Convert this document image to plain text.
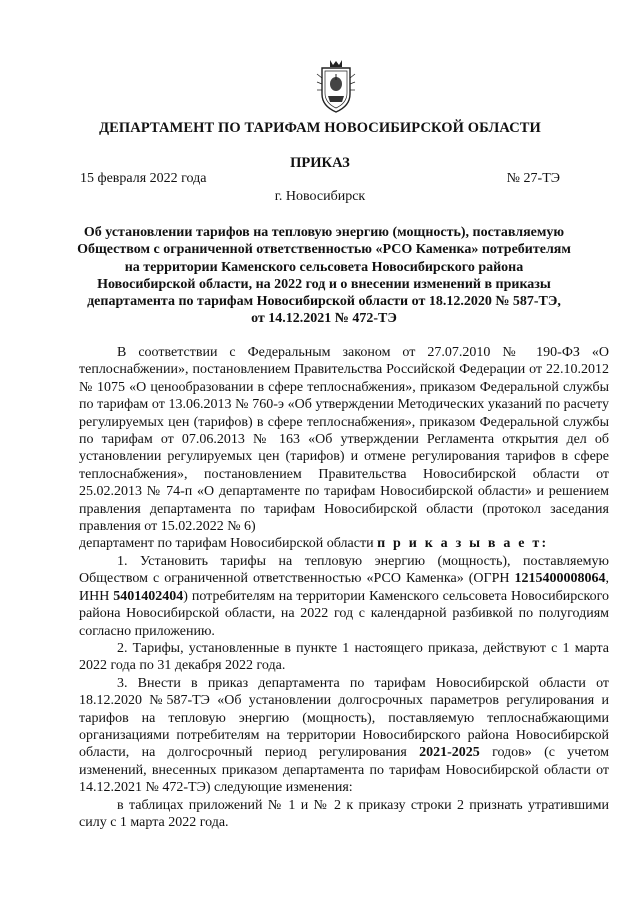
ДЕПАРТАМЕНТ ПО ТАРИФАМ НОВОСИБИРСКОЙ ОБЛАСТИ
ПРИКАЗ
15 февраля 2022 года	№ 27-ТЭ
г. Новосибирск
Об установлении тарифов на тепловую энергию (мощность), поставляемую
Обществом с ограниченной ответственностью «РСО Каменка» потребителям
на территории Каменского сельсовета Новосибирского района
Новосибирской области, на 2022 год и о внесении изменений в приказы
департамента по тарифам Новосибирской области от 18.12.2020 № 587-ТЭ,
от 14.12.2021 № 472-ТЭ

В соответствии с Федеральным законом от 27.07.2010 № 190-ФЗ «О теплоснабжении», постановлением Правительства Российской Федерации от 22.10.2012 № 1075 «О ценообразовании в сфере теплоснабжения», приказом Федеральной службы по тарифам от 13.06.2013 № 760-э «Об утверждении Методических указаний по расчету регулируемых цен (тарифов) в сфере теплоснабжения», приказом Федеральной службы по тарифам от 07.06.2013 № 163 «Об утверждении Регламента открытия дел об установлении регулируемых цен (тарифов) и отмене регулирования тарифов в сфере теплоснабжения», постановлением Правительства Новосибирской области от 25.02.2013 № 74-п «О департаменте по тарифам Новосибирской области» и решением правления департамента по тарифам Новосибирской области (протокол заседания правления от 15.02.2022 № 6)

департамент по тарифам Новосибирской области п р и к а з ы в а е т:

1. Установить тарифы на тепловую энергию (мощность), поставляемую Обществом с ограниченной ответственностью «РСО Каменка» (ОГРН 1215400008064, ИНН 5401402404) потребителям на территории Каменского сельсовета Новосибирского района Новосибирской области, на 2022 год с календарной разбивкой по полугодиям согласно приложению.

2. Тарифы, установленные в пункте 1 настоящего приказа, действуют с 1 марта 2022 года по 31 декабря 2022 года.

3. Внести в приказ департамента по тарифам Новосибирской области от 18.12.2020 №587-ТЭ «Об установлении долгосрочных параметров регулирования и тарифов на тепловую энергию (мощность), поставляемую теплоснабжающими организациями потребителям на территории Новосибирского района Новосибирской области, на долгосрочный период регулирования 2021-2025 годов» (с учетом изменений, внесенных приказом департамента по тарифам Новосибирской области от 14.12.2021 № 472-ТЭ) следующие изменения:

в таблицах приложений № 1 и № 2 к приказу строки 2 признать утратившими силу с 1 марта 2022 года.
